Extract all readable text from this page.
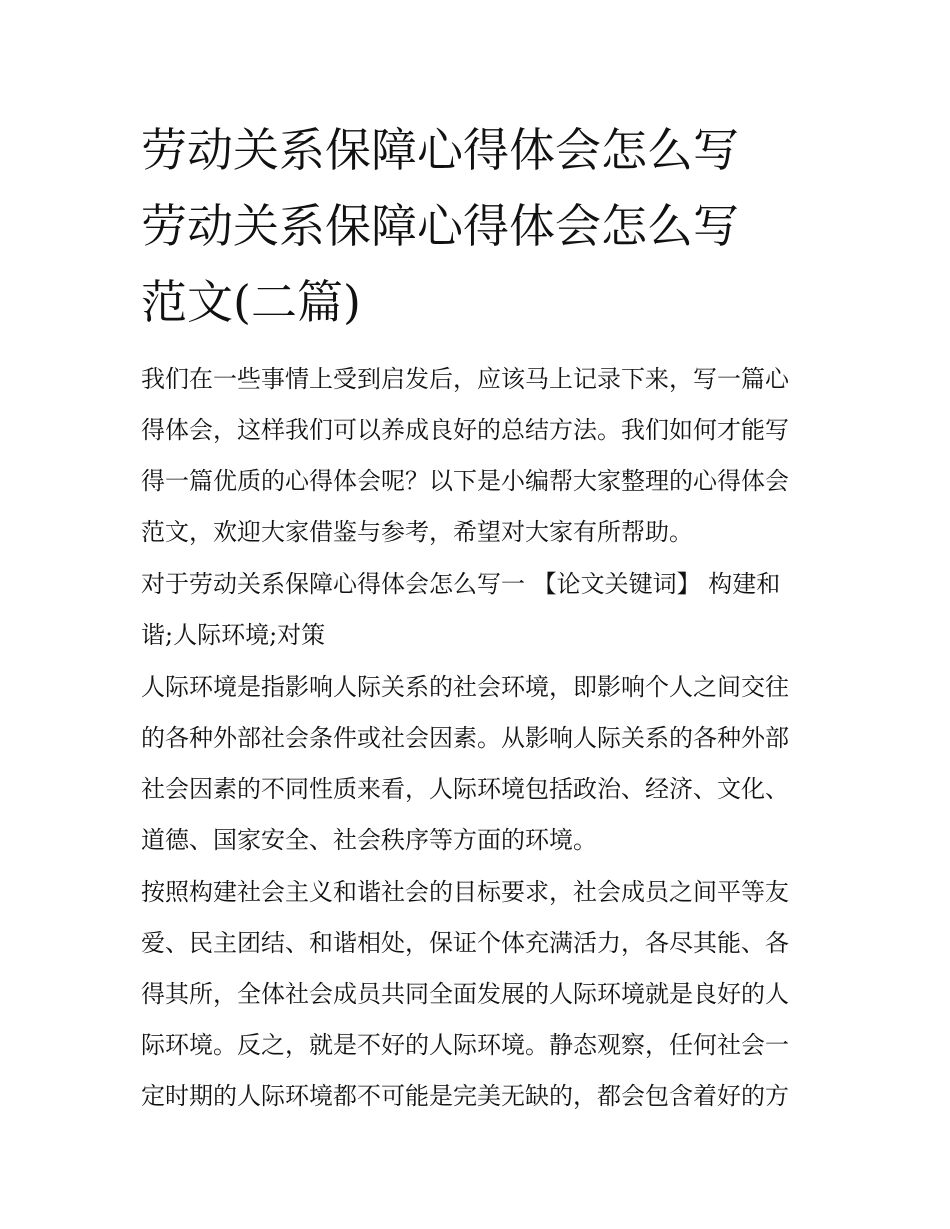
劳动关系保障心得体会怎么写
劳动关系保障心得体会怎么写
范文(二篇)

我们在一些事情上受到启发后，应该马上记录下来，写一篇心
得体会，这样我们可以养成良好的总结方法。我们如何才能写
得一篇优质的心得体会呢？以下是小编帮大家整理的心得体会
范文，欢迎大家借鉴与参考，希望对大家有所帮助。

对于劳动关系保障心得体会怎么写一 【论文关键词】 构建和
谐;人际环境;对策

人际环境是指影响人际关系的社会环境，即影响个人之间交往
的各种外部社会条件或社会因素。从影响人际关系的各种外部
社会因素的不同性质来看，人际环境包括政治、经济、文化、
道德、国家安全、社会秩序等方面的环境。

按照构建社会主义和谐社会的目标要求，社会成员之间平等友
爱、民主团结、和谐相处，保证个体充满活力，各尽其能、各
得其所，全体社会成员共同全面发展的人际环境就是良好的人
际环境。反之，就是不好的人际环境。静态观察，任何社会一
定时期的人际环境都不可能是完美无缺的，都会包含着好的方
